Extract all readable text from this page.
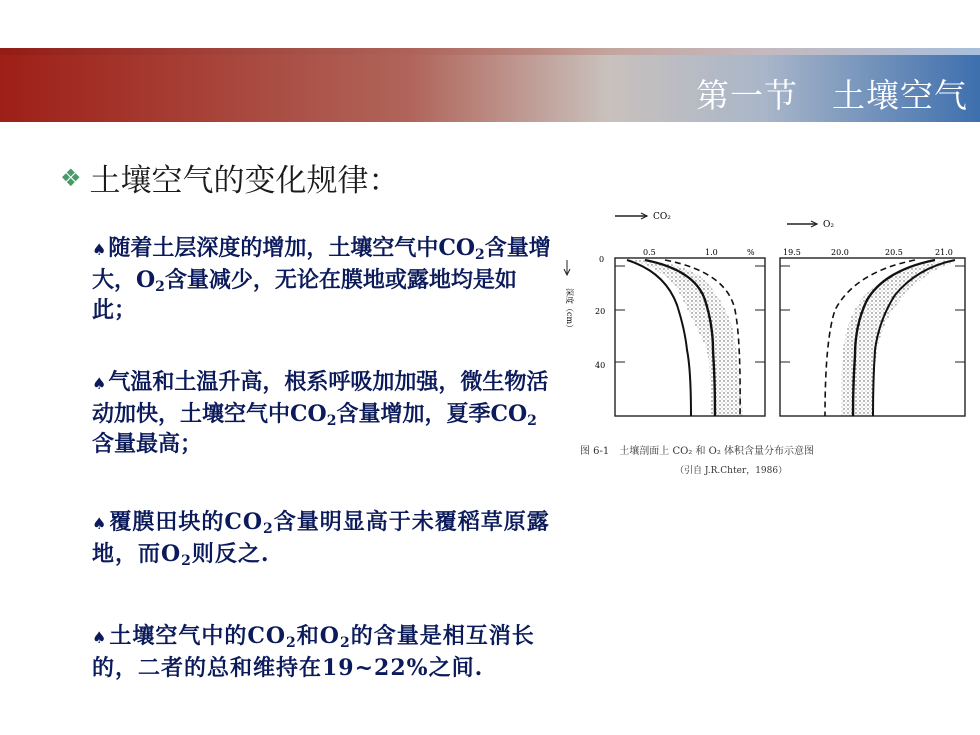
第一节　土壤空气
❖ 土壤空气的变化规律：

♠随着土层深度的增加，土壤空气中$CO_2$含量增大，$O_2$含量减少，无论在膜地或露地均是如此；

♠气温和土温升高，根系呼吸加加强，微生物活动加快，土壤空气中$CO_2$含量增加，夏季$CO_2$含量最高；

♠覆膜田块的$CO_2$含量明显高于未覆稻草原露地，而$O_2$则反之.

♠土壤空气中的$CO_2$和$O_2$的含量是相互消长的，二者的总和维持在19~22%之间.

CO₂
O₂
0.5	1.0	%	19.5	20.0	20.5	21.0
0
20
40
深度（cm）
图 6-1　土壤剖面上 CO₂ 和 O₂ 体积含量分布示意图
（引自 J.R.Chter，1986）
